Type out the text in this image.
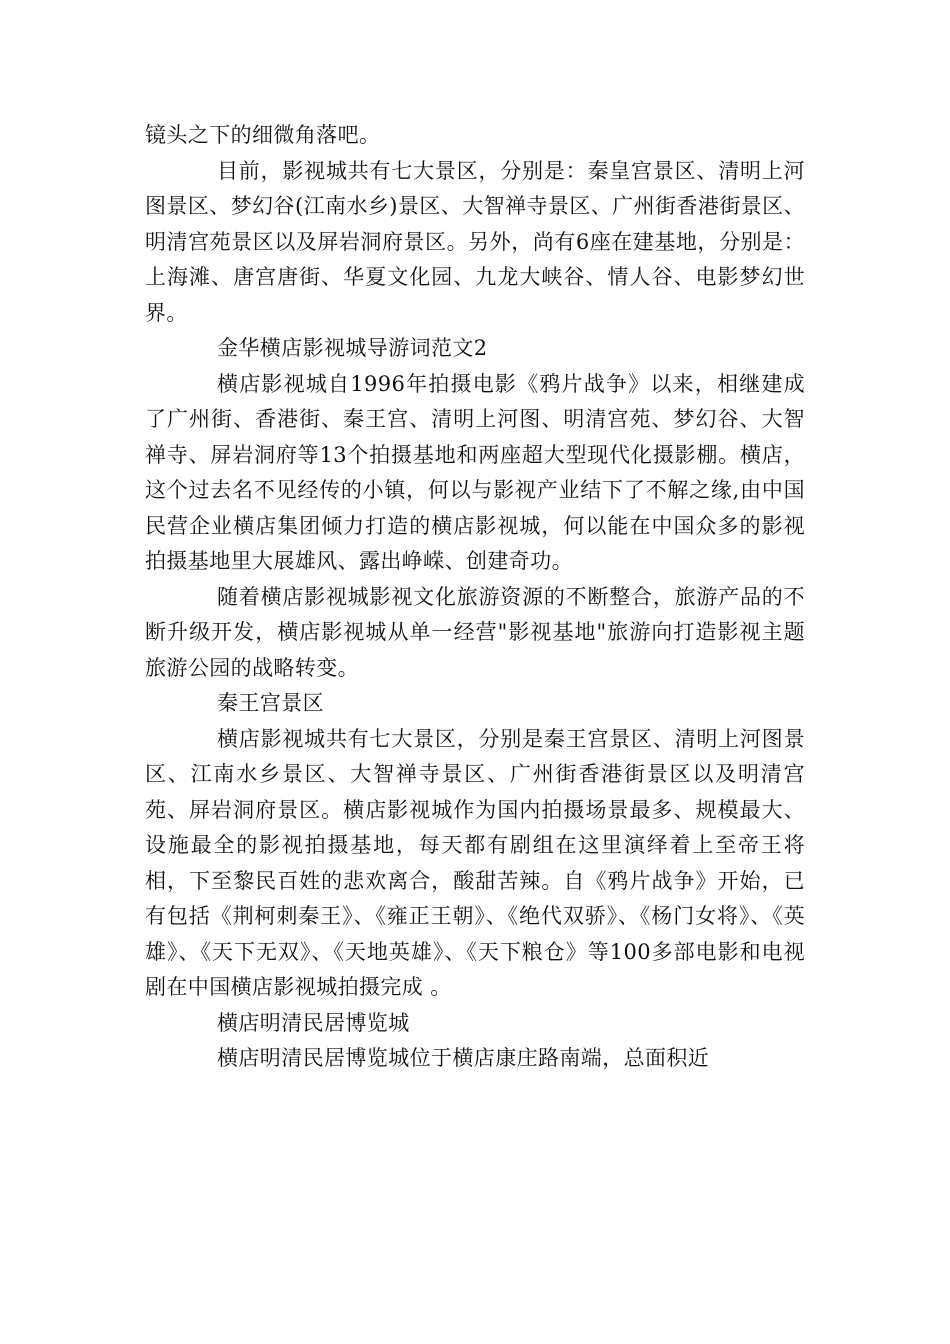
镜头之下的细微角落吧。

目前，影视城共有七大景区，分别是：秦皇宫景区、清明上河图景区、梦幻谷(江南水乡)景区、大智禅寺景区、广州街香港街景区、明清宫苑景区以及屏岩洞府景区。另外，尚有6座在建基地，分别是：上海滩、唐宫唐街、华夏文化园、九龙大峡谷、情人谷、电影梦幻世界。

金华横店影视城导游词范文2

横店影视城自1996年拍摄电影《鸦片战争》以来，相继建成了广州街、香港街、秦王宫、清明上河图、明清宫苑、梦幻谷、大智禅寺、屏岩洞府等13个拍摄基地和两座超大型现代化摄影棚。横店，这个过去名不见经传的小镇，何以与影视产业结下了不解之缘,由中国民营企业横店集团倾力打造的横店影视城，何以能在中国众多的影视拍摄基地里大展雄风、露出峥嵘、创建奇功。

随着横店影视城影视文化旅游资源的不断整合，旅游产品的不断升级开发，横店影视城从单一经营"影视基地"旅游向打造影视主题旅游公园的战略转变。

秦王宫景区

横店影视城共有七大景区，分别是秦王宫景区、清明上河图景区、江南水乡景区、大智禅寺景区、广州街香港街景区以及明清宫苑、屏岩洞府景区。横店影视城作为国内拍摄场景最多、规模最大、设施最全的影视拍摄基地，每天都有剧组在这里演绎着上至帝王将相，下至黎民百姓的悲欢离合，酸甜苦辣。自《鸦片战争》开始，已有包括《荆柯刺秦王》、《雍正王朝》、《绝代双骄》、《杨门女将》、《英雄》、《天下无双》、《天地英雄》、《天下粮仓》等100多部电影和电视剧在中国横店影视城拍摄完成 。

横店明清民居博览城

横店明清民居博览城位于横店康庄路南端，总面积近
